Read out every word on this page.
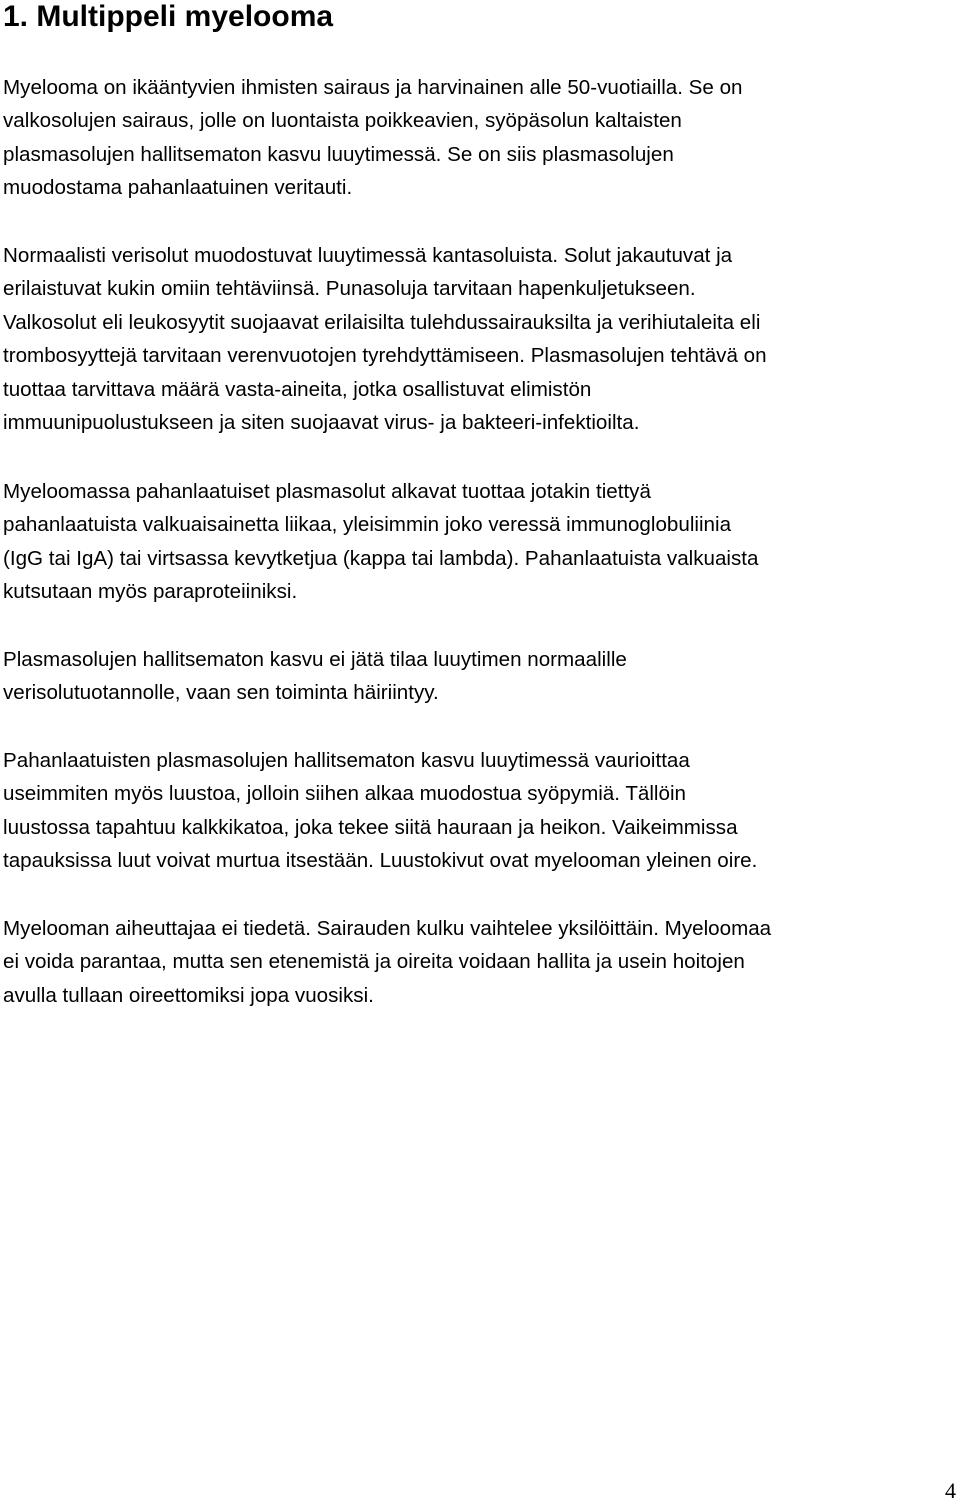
1. Multippeli myelooma

Myelooma on ikääntyvien ihmisten sairaus ja harvinainen alle 50-vuotiailla. Se on
valkosolujen sairaus, jolle on luontaista poikkeavien, syöpäsolun kaltaisten
plasmasolujen hallitsematon kasvu luuytimessä. Se on siis plasmasolujen
muodostama pahanlaatuinen veritauti.

Normaalisti verisolut muodostuvat luuytimessä kantasoluista. Solut jakautuvat ja
erilaistuvat kukin omiin tehtäviinsä. Punasoluja tarvitaan hapenkuljetukseen.
Valkosolut eli leukosyytit suojaavat erilaisilta tulehdussairauksilta ja verihiutaleita eli
trombosyyttejä tarvitaan verenvuotojen tyrehdyttämiseen. Plasmasolujen tehtävä on
tuottaa tarvittava määrä vasta-aineita, jotka osallistuvat elimistön
immuunipuolustukseen ja siten suojaavat virus- ja bakteeri-infektioilta.

Myeloomassa pahanlaatuiset plasmasolut alkavat tuottaa jotakin tiettyä
pahanlaatuista valkuaisainetta liikaa, yleisimmin joko veressä immunoglobuliinia
(IgG tai IgA) tai virtsassa kevytketjua (kappa tai lambda). Pahanlaatuista valkuaista
kutsutaan myös paraproteiiniksi.

Plasmasolujen hallitsematon kasvu ei jätä tilaa luuytimen normaalille
verisolutuotannolle, vaan sen toiminta häiriintyy.

Pahanlaatuisten plasmasolujen hallitsematon kasvu luuytimessä vaurioittaa
useimmiten myös luustoa, jolloin siihen alkaa muodostua syöpymiä. Tällöin
luustossa tapahtuu kalkkikatoa, joka tekee siitä hauraan ja heikon. Vaikeimmissa
tapauksissa luut voivat murtua itsestään. Luustokivut ovat myelooman yleinen oire.

Myelooman aiheuttajaa ei tiedetä. Sairauden kulku vaihtelee yksilöittäin. Myeloomaa
ei voida parantaa, mutta sen etenemistä ja oireita voidaan hallita ja usein hoitojen
avulla tullaan oireettomiksi jopa vuosiksi.

4
